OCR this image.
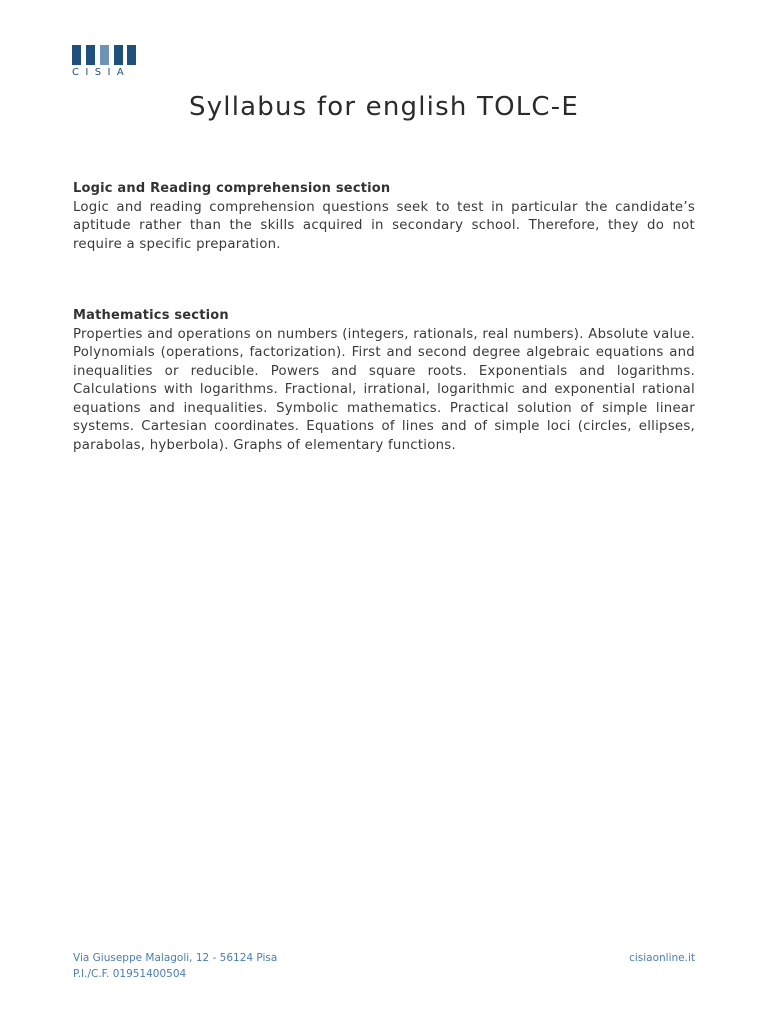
CISIA
Syllabus for english TOLC-E
Logic and Reading comprehension section

Logic and reading comprehension questions seek to test in particular the candidate’s aptitude rather than the skills acquired in secondary school. Therefore, they do not require a specific preparation.

Mathematics section

Properties and operations on numbers (integers, rationals, real numbers). Absolute value. Polynomials (operations, factorization). First and second degree algebraic equations and inequalities or reducible. Powers and square roots. Exponentials and logarithms. Calculations with logarithms. Fractional, irrational, logarithmic and exponential rational equations and inequalities. Symbolic mathematics. Practical solution of simple linear systems. Cartesian coordinates. Equations of lines and of simple loci (circles, ellipses, parabolas, hyberbola). Graphs of elementary functions.

Via Giuseppe Malagoli, 12 - 56124 Pisa
P.I./C.F. 01951400504
cisiaonline.it
